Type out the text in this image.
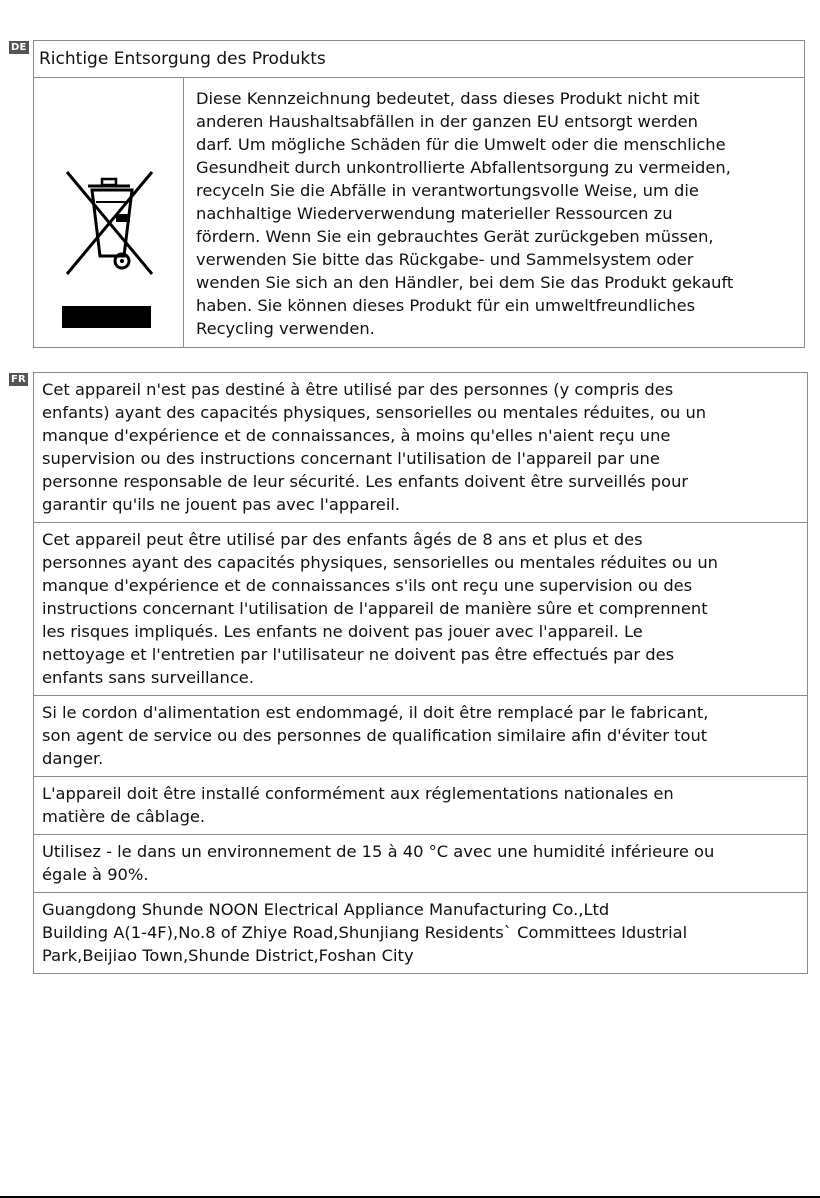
DE
Richtige Entsorgung des Produkts
Diese Kennzeichnung bedeutet, dass dieses Produkt nicht mit
anderen Haushaltsabfällen in der ganzen EU entsorgt werden
darf. Um mögliche Schäden für die Umwelt oder die menschliche
Gesundheit durch unkontrollierte Abfallentsorgung zu vermeiden,
recyceln Sie die Abfälle in verantwortungsvolle Weise, um die
nachhaltige Wiederverwendung materieller Ressourcen zu
fördern. Wenn Sie ein gebrauchtes Gerät zurückgeben müssen,
verwenden Sie bitte das Rückgabe- und Sammelsystem oder
wenden Sie sich an den Händler, bei dem Sie das Produkt gekauft
haben. Sie können dieses Produkt für ein umweltfreundliches
Recycling verwenden.
FR
Cet appareil n'est pas destiné à être utilisé par des personnes (y compris des
enfants) ayant des capacités physiques, sensorielles ou mentales réduites, ou un
manque d'expérience et de connaissances, à moins qu'elles n'aient reçu une
supervision ou des instructions concernant l'utilisation de l'appareil par une
personne responsable de leur sécurité. Les enfants doivent être surveillés pour
garantir qu'ils ne jouent pas avec l'appareil.
Cet appareil peut être utilisé par des enfants âgés de 8 ans et plus et des
personnes ayant des capacités physiques, sensorielles ou mentales réduites ou un
manque d'expérience et de connaissances s'ils ont reçu une supervision ou des
instructions concernant l'utilisation de l'appareil de manière sûre et comprennent
les risques impliqués. Les enfants ne doivent pas jouer avec l'appareil. Le
nettoyage et l'entretien par l'utilisateur ne doivent pas être effectués par des
enfants sans surveillance.
Si le cordon d'alimentation est endommagé, il doit être remplacé par le fabricant,
son agent de service ou des personnes de qualification similaire afin d'éviter tout
danger.
L'appareil doit être installé conformément aux réglementations nationales en
matière de câblage.
Utilisez - le dans un environnement de 15 à 40 °C avec une humidité inférieure ou
égale à 90%.
Guangdong Shunde NOON Electrical Appliance Manufacturing Co.,Ltd
Building A(1-4F),No.8 of Zhiye Road,Shunjiang Residents` Committees Idustrial
Park,Beijiao Town,Shunde District,Foshan City
